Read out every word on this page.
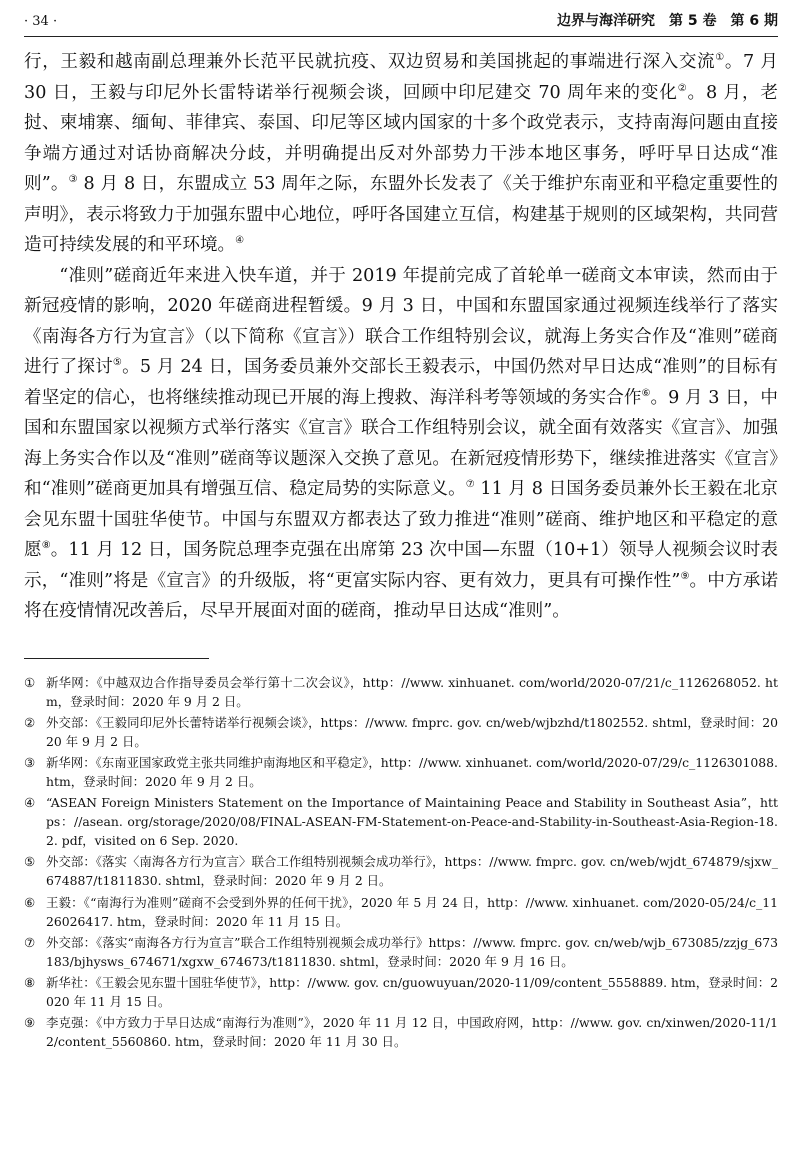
· 34 ·	边界与海洋研究　第 5 卷　第 6 期

行，王毅和越南副总理兼外长范平民就抗疫、双边贸易和美国挑起的事端进行深入交流①。7 月 30 日，王毅与印尼外长雷特诺举行视频会谈，回顾中印尼建交 70 周年来的变化②。8 月，老挝、柬埔寨、缅甸、菲律宾、泰国、印尼等区域内国家的十多个政党表示，支持南海问题由直接争端方通过对话协商解决分歧，并明确提出反对外部势力干涉本地区事务，呼吁早日达成“准则”。③ 8 月 8 日，东盟成立 53 周年之际，东盟外长发表了《关于维护东南亚和平稳定重要性的声明》，表示将致力于加强东盟中心地位，呼吁各国建立互信，构建基于规则的区域架构，共同营造可持续发展的和平环境。④

“准则”磋商近年来进入快车道，并于 2019 年提前完成了首轮单一磋商文本审读，然而由于新冠疫情的影响，2020 年磋商进程暂缓。9 月 3 日，中国和东盟国家通过视频连线举行了落实《南海各方行为宣言》（以下简称《宣言》）联合工作组特别会议，就海上务实合作及“准则”磋商进行了探讨⑤。5 月 24 日，国务委员兼外交部长王毅表示，中国仍然对早日达成“准则”的目标有着坚定的信心，也将继续推动现已开展的海上搜救、海洋科考等领域的务实合作⑥。9 月 3 日，中国和东盟国家以视频方式举行落实《宣言》联合工作组特别会议，就全面有效落实《宣言》、加强海上务实合作以及“准则”磋商等议题深入交换了意见。在新冠疫情形势下，继续推进落实《宣言》和“准则”磋商更加具有增强互信、稳定局势的实际意义。⑦ 11 月 8 日国务委员兼外长王毅在北京会见东盟十国驻华使节。中国与东盟双方都表达了致力推进“准则”磋商、维护地区和平稳定的意愿⑧。11 月 12 日，国务院总理李克强在出席第 23 次中国—东盟（10+1）领导人视频会议时表示，“准则”将是《宣言》的升级版，将“更富实际内容、更有效力，更具有可操作性”⑨。中方承诺将在疫情情况改善后，尽早开展面对面的磋商，推动早日达成“准则”。

① 新华网：《中越双边合作指导委员会举行第十二次会议》，http：//www. xinhuanet. com/world/2020-07/21/c_1126268052. htm，登录时间：2020 年 9 月 2 日。
② 外交部：《王毅同印尼外长蕾特诺举行视频会谈》，https：//www. fmprc. gov. cn/web/wjbzhd/t1802552. shtml，登录时间：2020 年 9 月 2 日。
③ 新华网：《东南亚国家政党主张共同维护南海地区和平稳定》，http：//www. xinhuanet. com/world/2020-07/29/c_1126301088. htm，登录时间：2020 年 9 月 2 日。
④ “ASEAN Foreign Ministers Statement on the Importance of Maintaining Peace and Stability in Southeast Asia”，https：//asean. org/storage/2020/08/FINAL-ASEAN-FM-Statement-on-Peace-and-Stability-in-Southeast-Asia-Region-18. 2. pdf，visited on 6 Sep. 2020.
⑤ 外交部：《落实〈南海各方行为宣言〉联合工作组特别视频会成功举行》，https：//www. fmprc. gov. cn/web/wjdt_674879/sjxw_674887/t1811830. shtml，登录时间：2020 年 9 月 2 日。
⑥ 王毅：《“南海行为准则”磋商不会受到外界的任何干扰》，2020 年 5 月 24 日，http：//www. xinhuanet. com/2020-05/24/c_1126026417. htm，登录时间：2020 年 11 月 15 日。
⑦ 外交部：《落实“南海各方行为宣言”联合工作组特别视频会成功举行》https：//www. fmprc. gov. cn/web/wjb_673085/zzjg_673183/bjhysws_674671/xgxw_674673/t1811830. shtml，登录时间：2020 年 9 月 16 日。
⑧ 新华社：《王毅会见东盟十国驻华使节》，http：//www. gov. cn/guowuyuan/2020-11/09/content_5558889. htm，登录时间：2020 年 11 月 15 日。
⑨ 李克强：《中方致力于早日达成“南海行为准则”》，2020 年 11 月 12 日，中国政府网，http：//www. gov. cn/xinwen/2020-11/12/content_5560860. htm，登录时间：2020 年 11 月 30 日。
